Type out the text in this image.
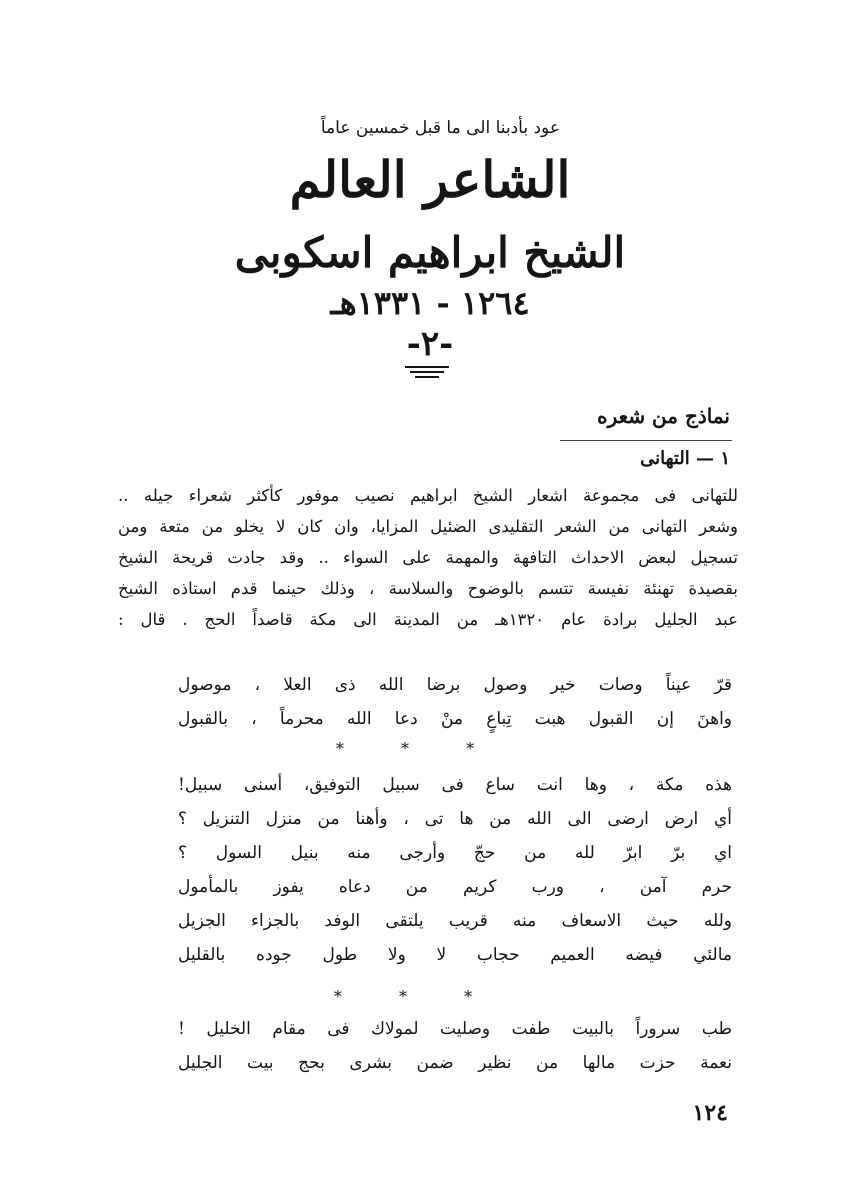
عود بأدبنا الى ما قبل خمسين عاماً
الشاعر العالم
الشيخ ابراهيم اسكوبى
١٢٦٤ - ١٣٣١هـ
-٢-
نماذج من شعره
١ — التهانى

للتهانى فى مجموعة اشعار الشيخ ابراهيم نصيب موفور كأكثر شعراء جيله ..

وشعر التهانى من الشعر التقليدى الضئيل المزايا، وان كان لا يخلو من متعة ومن

تسجيل لبعض الاحداث التافهة والمهمة على السواء .. وقد جادت قريحة الشيخ

بقصيدة تهنئة نفيسة تتسم بالوضوح والسلاسة ، وذلك حينما قدم استاذه الشيخ

عبد الجليل برادة عام ١٣٢٠هـ من المدينة الى مكة قاصداً الحج . قال :

قرّ عيناً وصات خير وصول برضا الله ذى العلا ، موصول
واهنَ إن القبول هبت تِباعٍ منْ دعا الله محرماً ، بالقبول
* * *
هذه مكة ، وها انت ساع فى سبيل التوفيق، أسنى سبيل!
أي ارض ارضى الى الله من ها تى ، وأهنا من منزل التنزيل ؟
اي برّ ابرّ لله من حجّ وأرجى منه بنيل السول ؟
حرم آمن ، ورب كريم من دعاه يفوز بالمأمول
ولله حيث الاسعاف منه قريب يلتقى الوفد بالجزاء الجزيل
مالئي فيضه العميم حجاب لا ولا طول جوده بالقليل
* * *
طب سروراً بالبيت طفت وصليت لمولاك فى مقام الخليل !
نعمة حزت مالها من نظير ضمن بشرى بحج بيت الجليل
١٢٤
